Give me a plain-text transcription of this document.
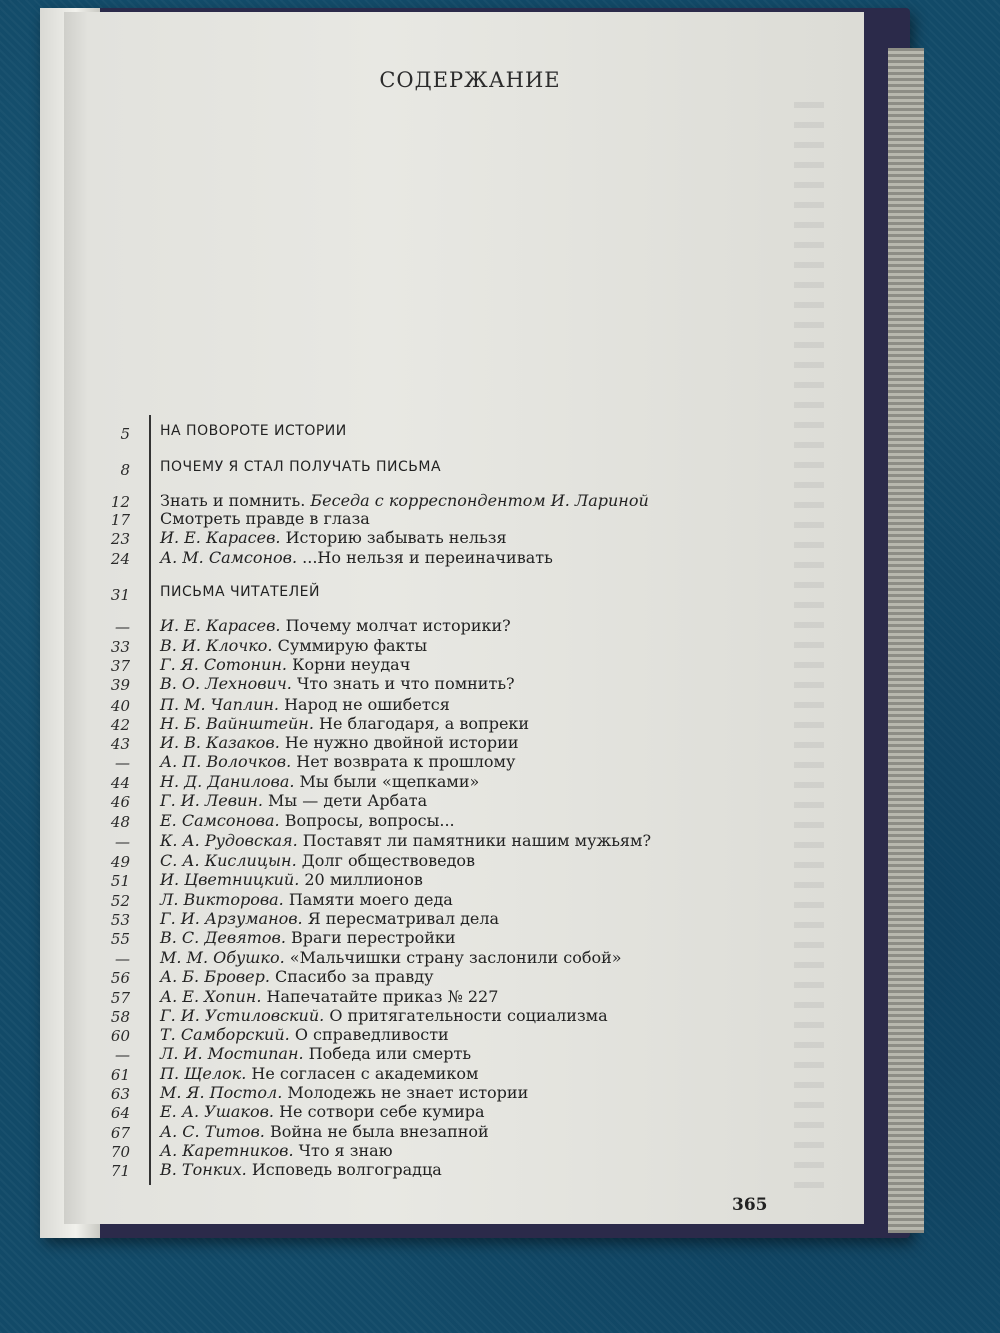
СОДЕРЖАНИЕ
5 НА ПОВОРОТЕ ИСТОРИИ
8 ПОЧЕМУ Я СТАЛ ПОЛУЧАТЬ ПИСЬМА
12 Знать и помнить. Беседа с корреспондентом И. Лариной
17 Смотреть правде в глаза
23 И. Е. Карасев. Историю забывать нельзя
24 А. М. Самсонов. ...Но нельзя и переиначивать
31 ПИСЬМА ЧИТАТЕЛЕЙ
— И. Е. Карасев. Почему молчат историки?
33 В. И. Клочко. Суммирую факты
37 Г. Я. Сотонин. Корни неудач
39 В. О. Лехнович. Что знать и что помнить?
40 П. М. Чаплин. Народ не ошибется
42 Н. Б. Вайнштейн. Не благодаря, а вопреки
43 И. В. Казаков. Не нужно двойной истории
— А. П. Волочков. Нет возврата к прошлому
44 Н. Д. Данилова. Мы были «щепками»
46 Г. И. Левин. Мы — дети Арбата
48 Е. Самсонова. Вопросы, вопросы...
— К. А. Рудовская. Поставят ли памятники нашим мужьям?
49 С. А. Кислицын. Долг обществоведов
51 И. Цветницкий. 20 миллионов
52 Л. Викторова. Памяти моего деда
53 Г. И. Арзуманов. Я пересматривал дела
55 В. С. Девятов. Враги перестройки
— М. М. Обушко. «Мальчишки страну заслонили собой»
56 А. Б. Бровер. Спасибо за правду
57 А. Е. Хопин. Напечатайте приказ № 227
58 Г. И. Устиловский. О притягательности социализма
60 Т. Самборский. О справедливости
— Л. И. Мостипан. Победа или смерть
61 П. Щелок. Не согласен с академиком
63 М. Я. Постол. Молодежь не знает истории
64 Е. А. Ушаков. Не сотвори себе кумира
67 А. С. Титов. Война не была внезапной
70 А. Каретников. Что я знаю
71 В. Тонких. Исповедь волгоградца
365
